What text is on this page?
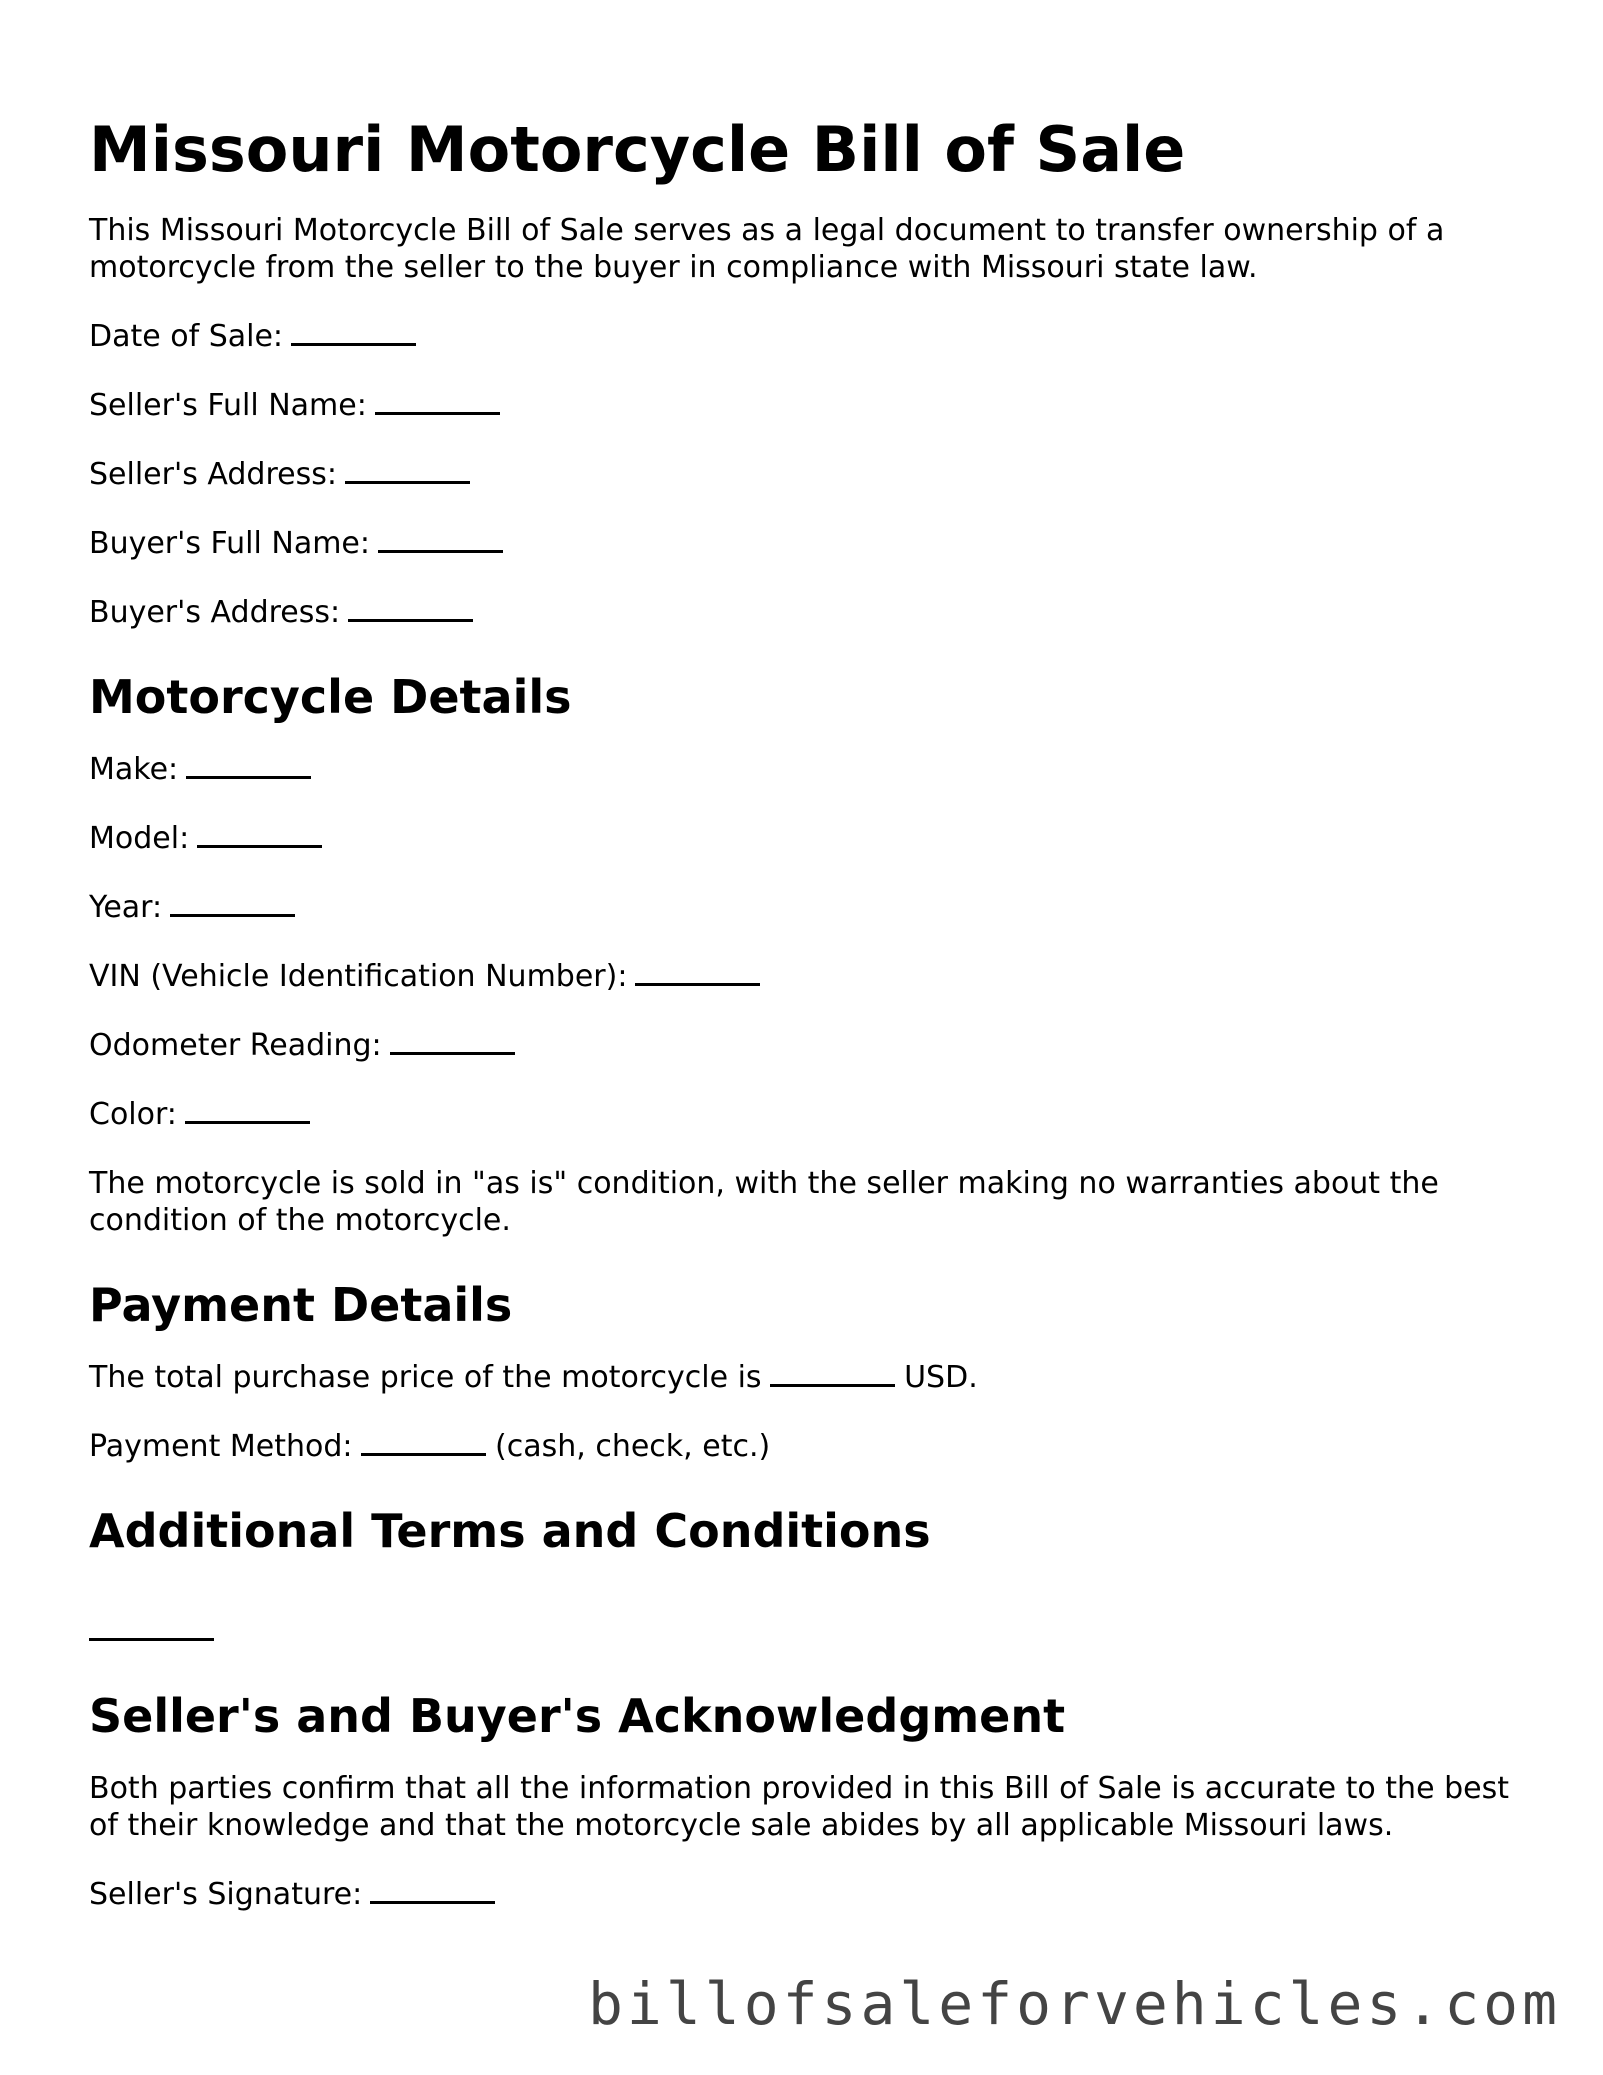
Missouri Motorcycle Bill of Sale

This Missouri Motorcycle Bill of Sale serves as a legal document to transfer ownership of a motorcycle from the seller to the buyer in compliance with Missouri state law.

Date of Sale:

Seller's Full Name:

Seller's Address:

Buyer's Full Name:

Buyer's Address:

Motorcycle Details

Make:

Model:

Year:

VIN (Vehicle Identification Number):

Odometer Reading:

Color:

The motorcycle is sold in "as is" condition, with the seller making no warranties about the condition of the motorcycle.

Payment Details

The total purchase price of the motorcycle is	USD.

Payment Method:	(cash, check, etc.)

Additional Terms and Conditions

Seller's and Buyer's Acknowledgment

Both parties confirm that all the information provided in this Bill of Sale is accurate to the best of their knowledge and that the motorcycle sale abides by all applicable Missouri laws.

Seller's Signature:

billofsaleforvehicles.com
